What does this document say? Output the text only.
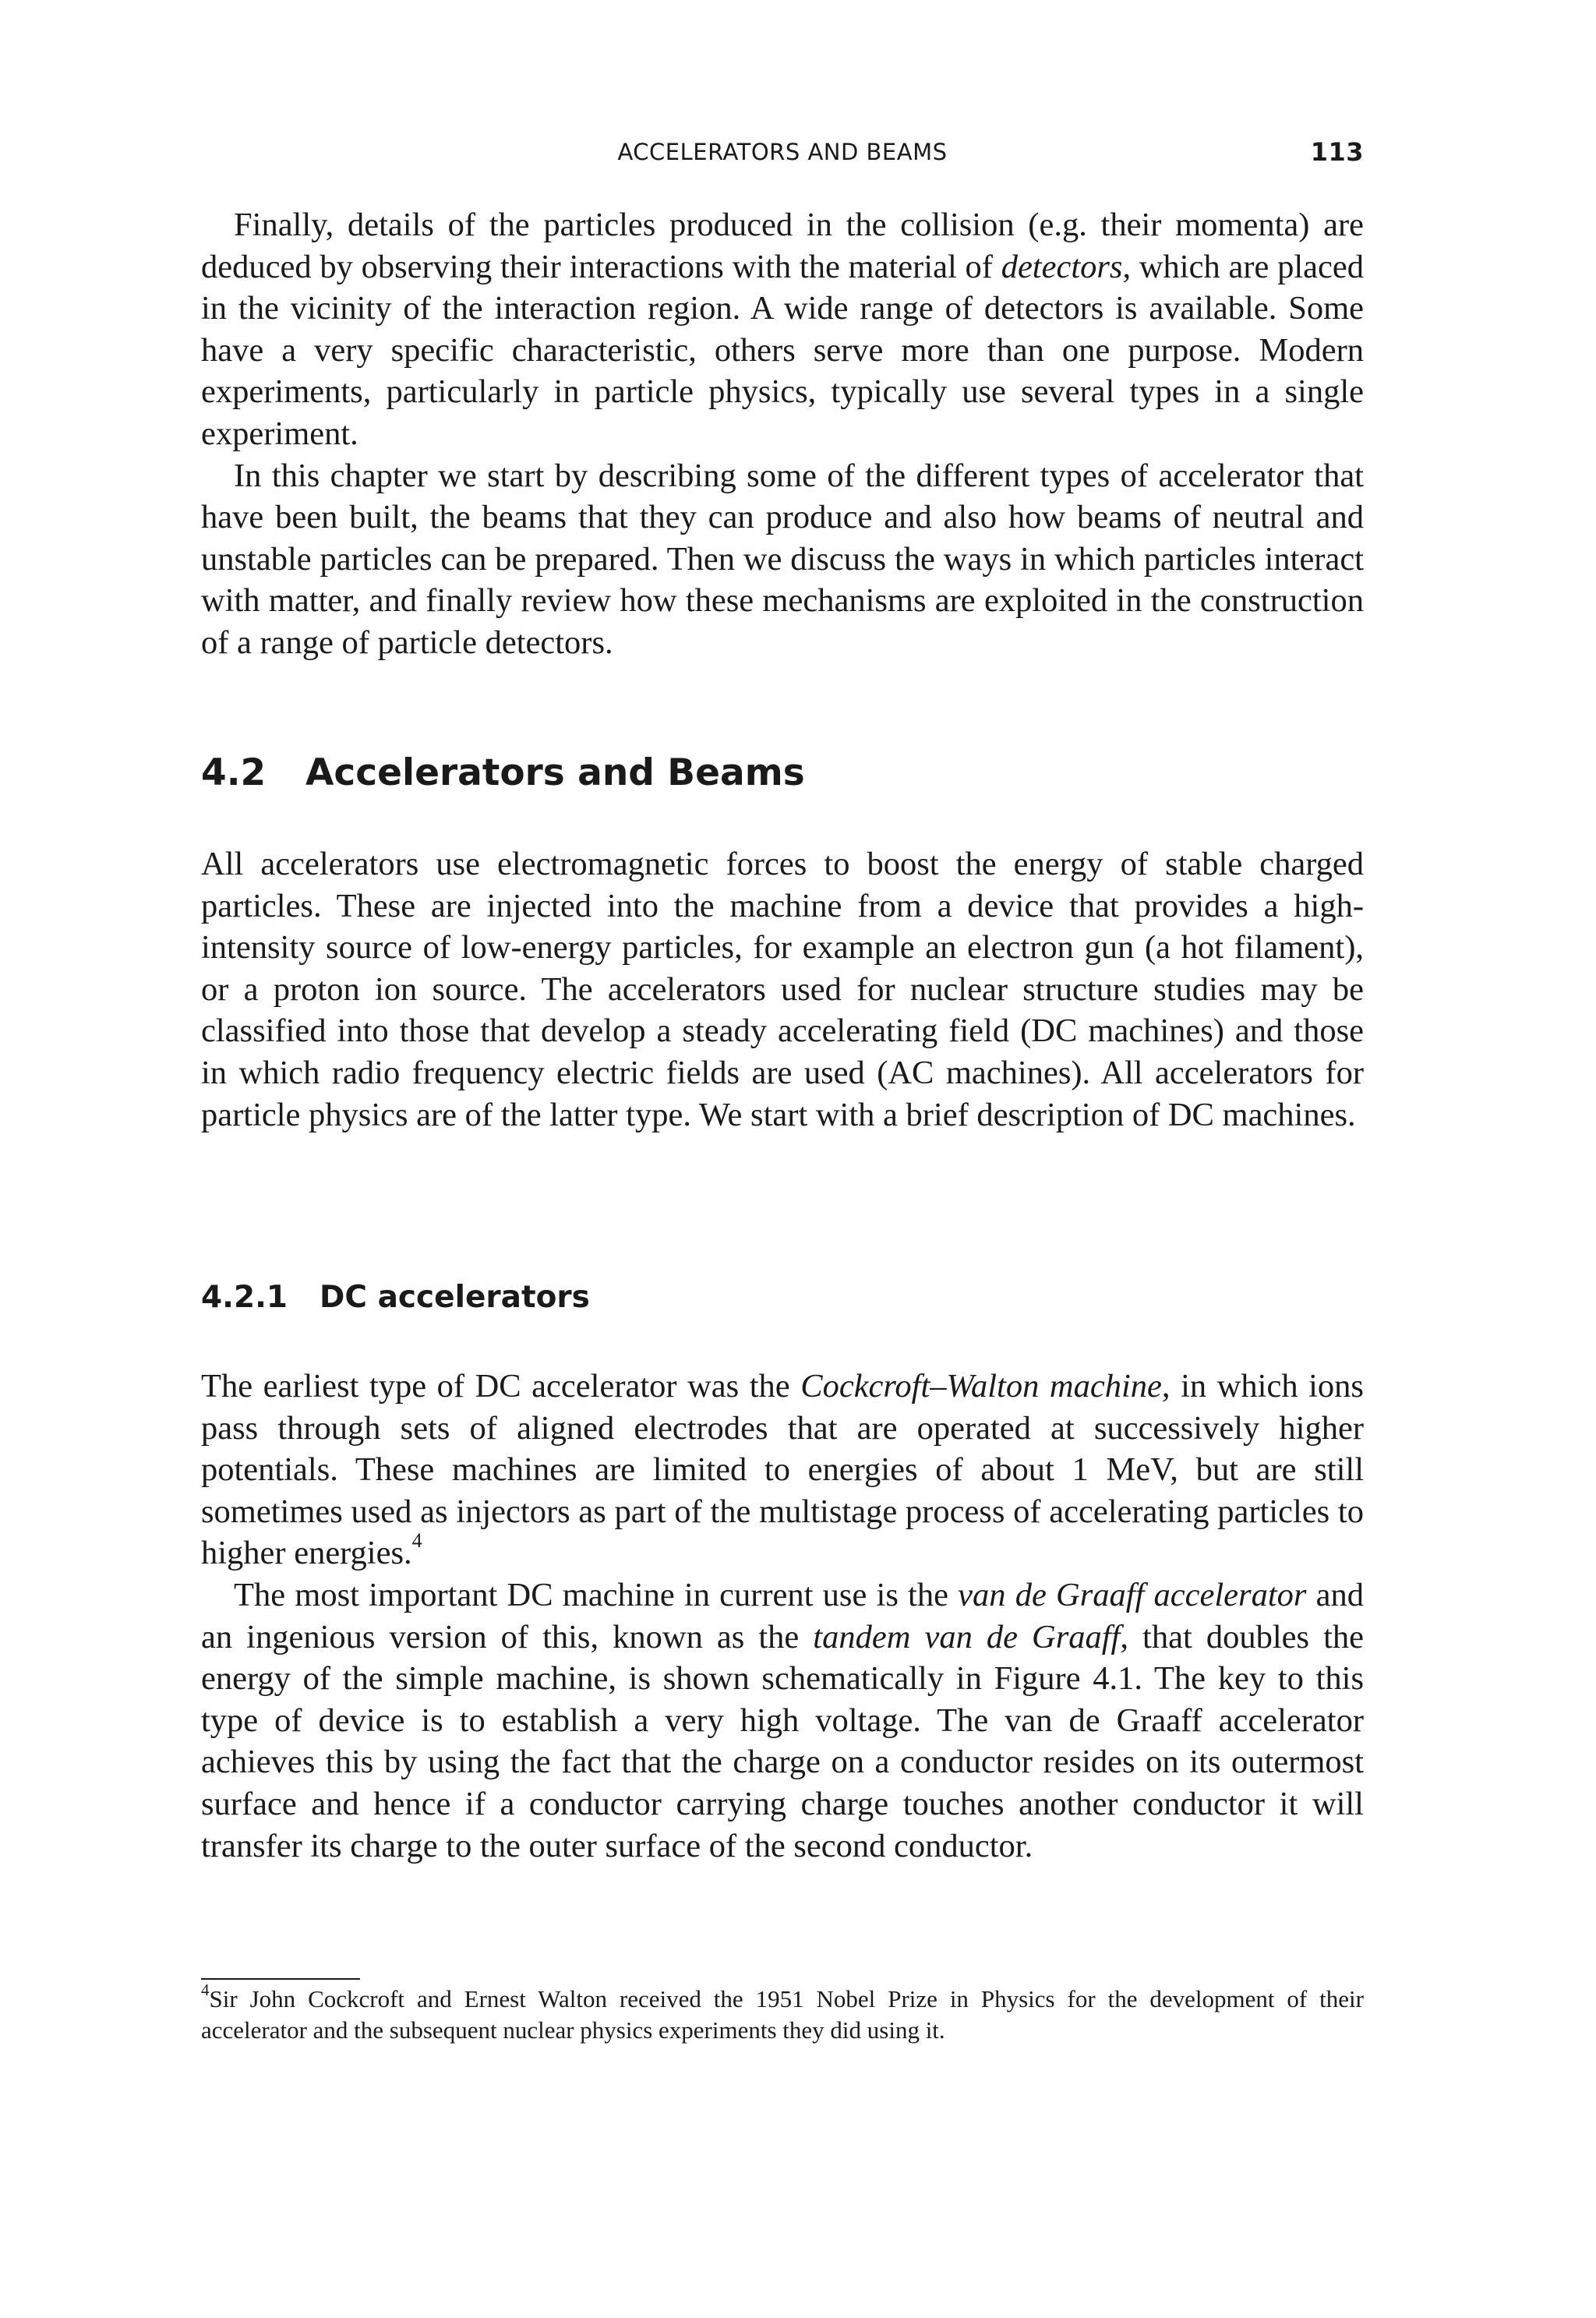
ACCELERATORS AND BEAMS	113

Finally, details of the particles produced in the collision (e.g. their momenta) are deduced by observing their interactions with the material of detectors, which are placed in the vicinity of the interaction region. A wide range of detectors is available. Some have a very specific characteristic, others serve more than one purpose. Modern experiments, particularly in particle physics, typically use several types in a single experiment.

In this chapter we start by describing some of the different types of accelerator that have been built, the beams that they can produce and also how beams of neutral and unstable particles can be prepared. Then we discuss the ways in which particles interact with matter, and finally review how these mechanisms are exploited in the construction of a range of particle detectors.

4.2 Accelerators and Beams

All accelerators use electromagnetic forces to boost the energy of stable charged particles. These are injected into the machine from a device that provides a high-intensity source of low-energy particles, for example an electron gun (a hot filament), or a proton ion source. The accelerators used for nuclear structure studies may be classified into those that develop a steady accelerating field (DC machines) and those in which radio frequency electric fields are used (AC machines). All accelerators for particle physics are of the latter type. We start with a brief description of DC machines.

4.2.1 DC accelerators

The earliest type of DC accelerator was the Cockcroft–Walton machine, in which ions pass through sets of aligned electrodes that are operated at successively higher potentials. These machines are limited to energies of about 1 MeV, but are still sometimes used as injectors as part of the multistage process of accelerating particles to higher energies.$^4$

The most important DC machine in current use is the van de Graaff accelerator and an ingenious version of this, known as the tandem van de Graaff, that doubles the energy of the simple machine, is shown schematically in Figure 4.1. The key to this type of device is to establish a very high voltage. The van de Graaff accelerator achieves this by using the fact that the charge on a conductor resides on its outermost surface and hence if a conductor carrying charge touches another conductor it will transfer its charge to the outer surface of the second conductor.

$^4$Sir John Cockcroft and Ernest Walton received the 1951 Nobel Prize in Physics for the development of their accelerator and the subsequent nuclear physics experiments they did using it.
